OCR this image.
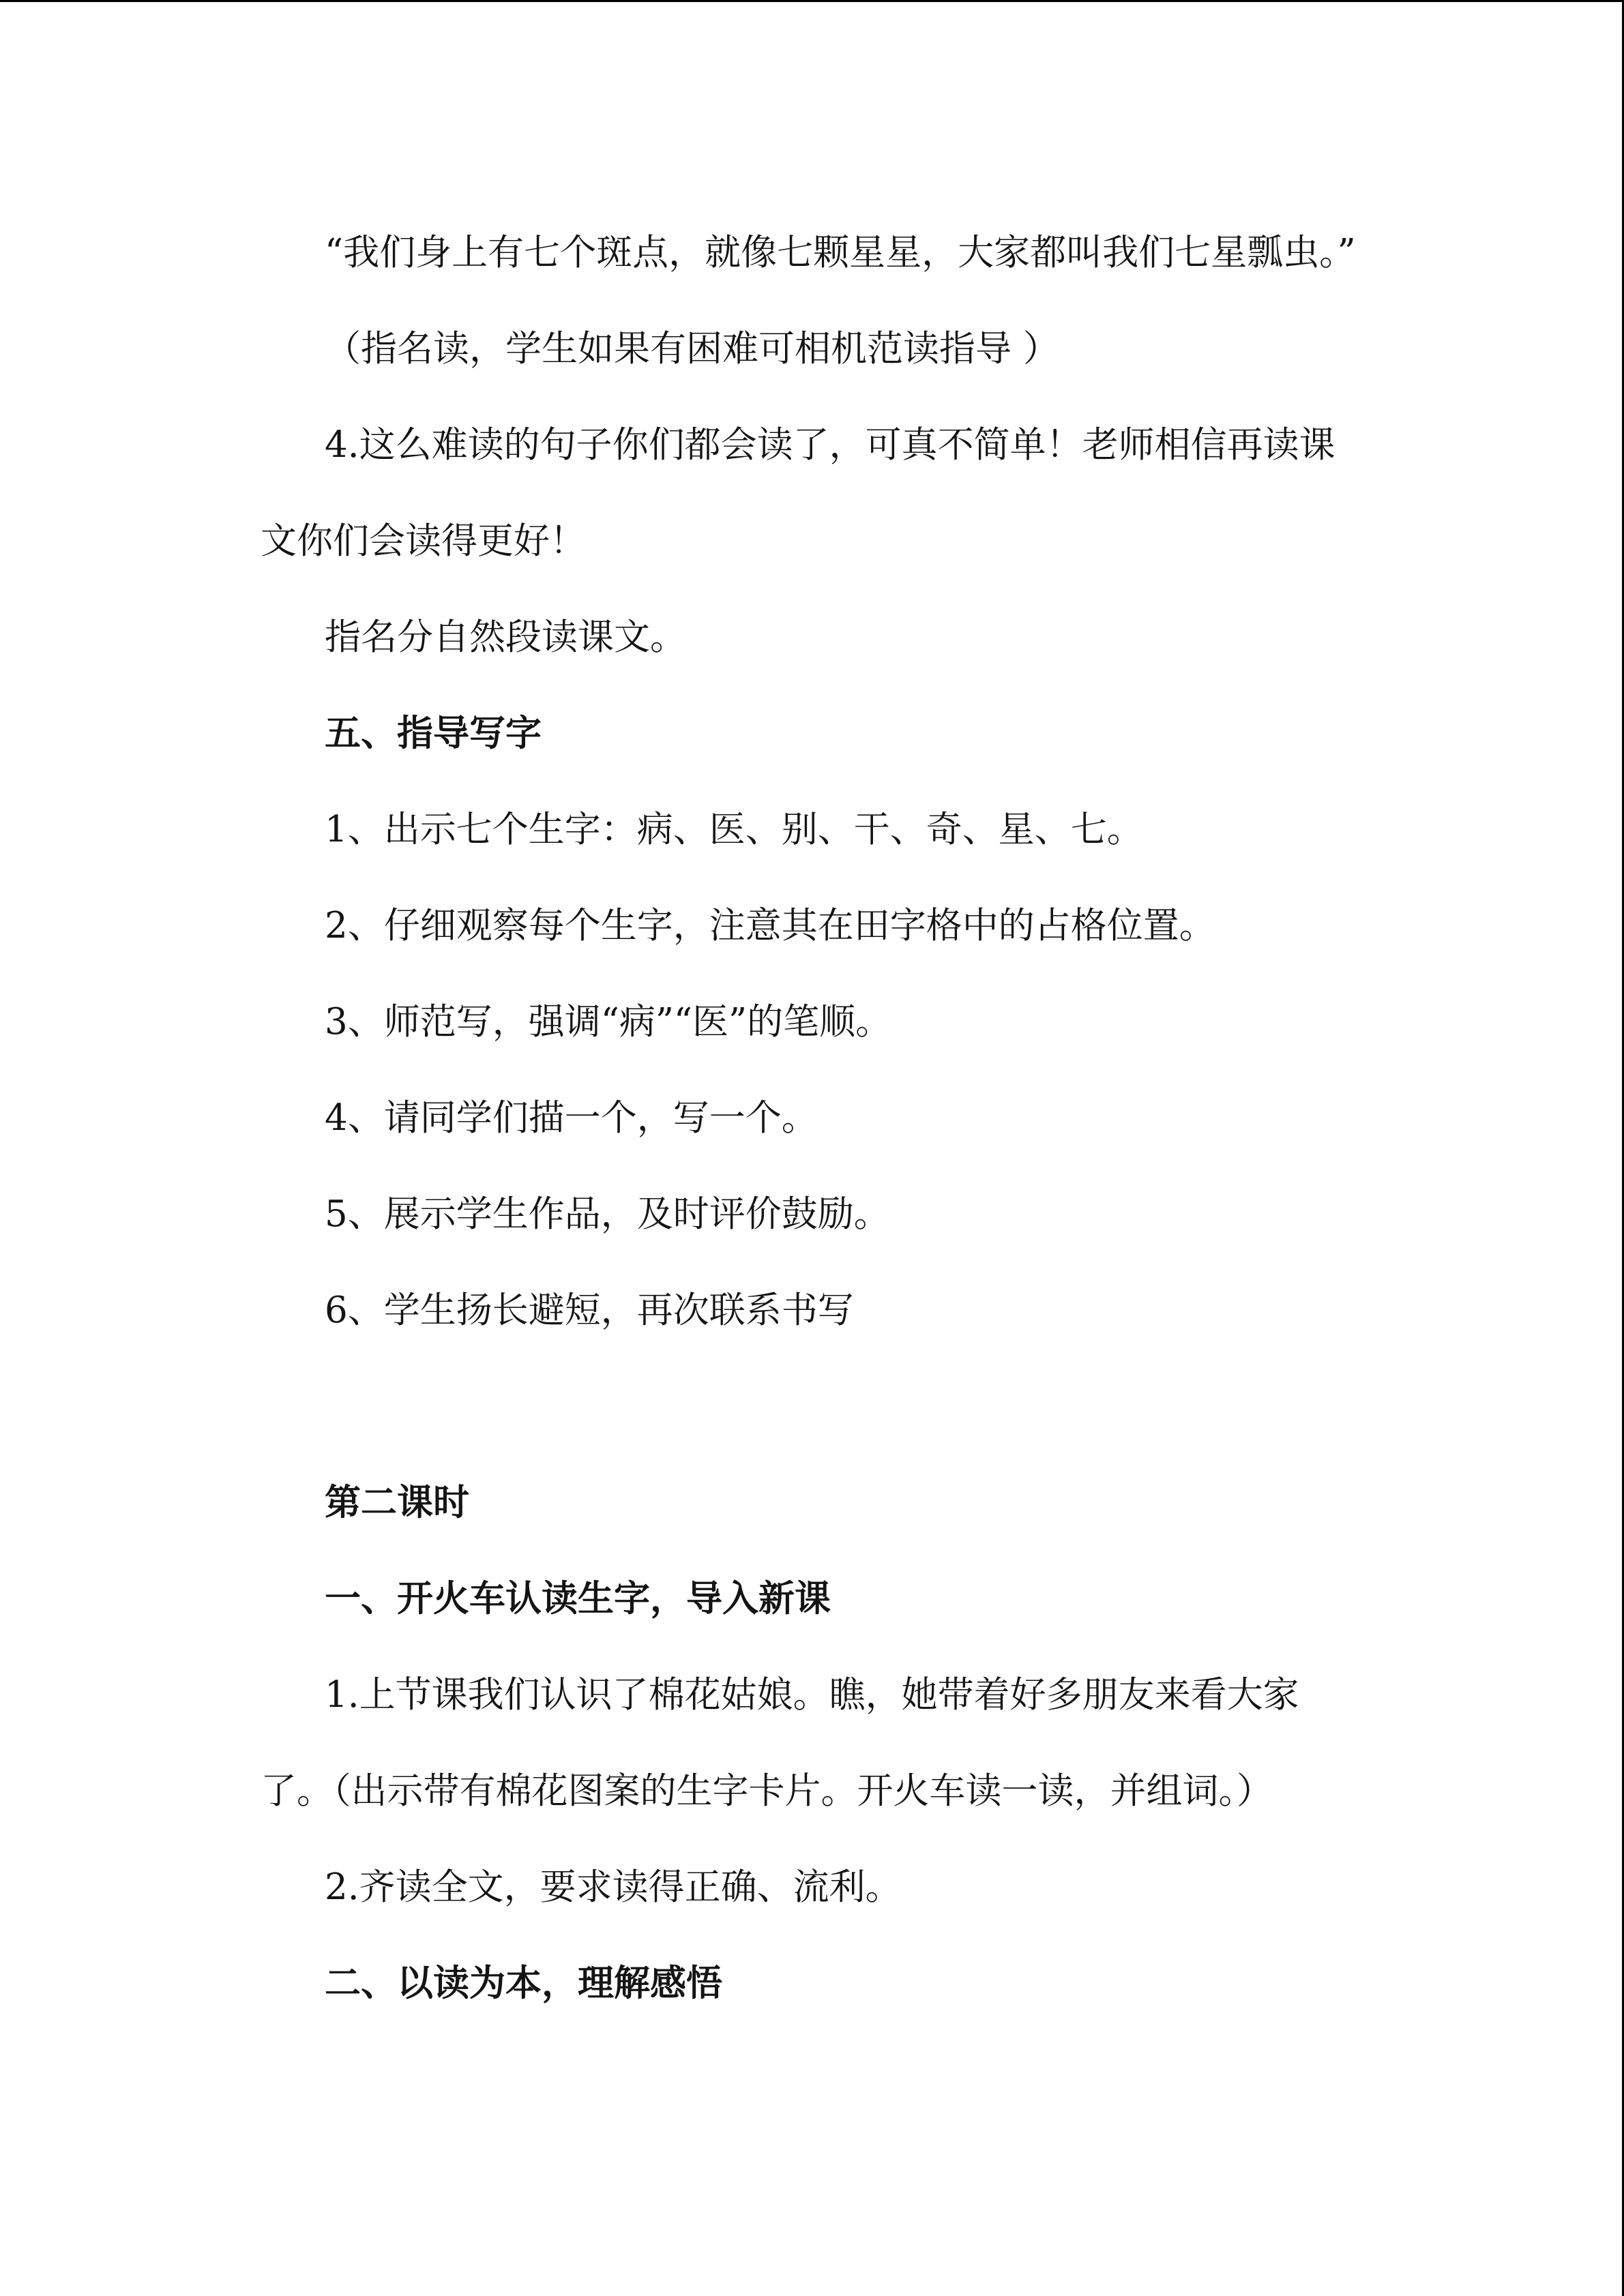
“我们身上有七个斑点，就像七颗星星，大家都叫我们七星瓢虫。”

（指名读，学生如果有困难可相机范读指导 ）

4.这么难读的句子你们都会读了，可真不简单！老师相信再读课文你们会读得更好！

指名分自然段读课文。

五、指导写字

1、出示七个生字：病、医、别、干、奇、星、七。

2、仔细观察每个生字，注意其在田字格中的占格位置。

3、师范写，强调“病”“医”的笔顺。

4、请同学们描一个，写一个。

5、展示学生作品，及时评价鼓励。

6、学生扬长避短，再次联系书写

第二课时

一、开火车认读生字，导入新课

1.上节课我们认识了棉花姑娘。瞧，她带着好多朋友来看大家了。（出示带有棉花图案的生字卡片。开火车读一读，并组词。）

2.齐读全文，要求读得正确、流利。

二、以读为本，理解感悟
